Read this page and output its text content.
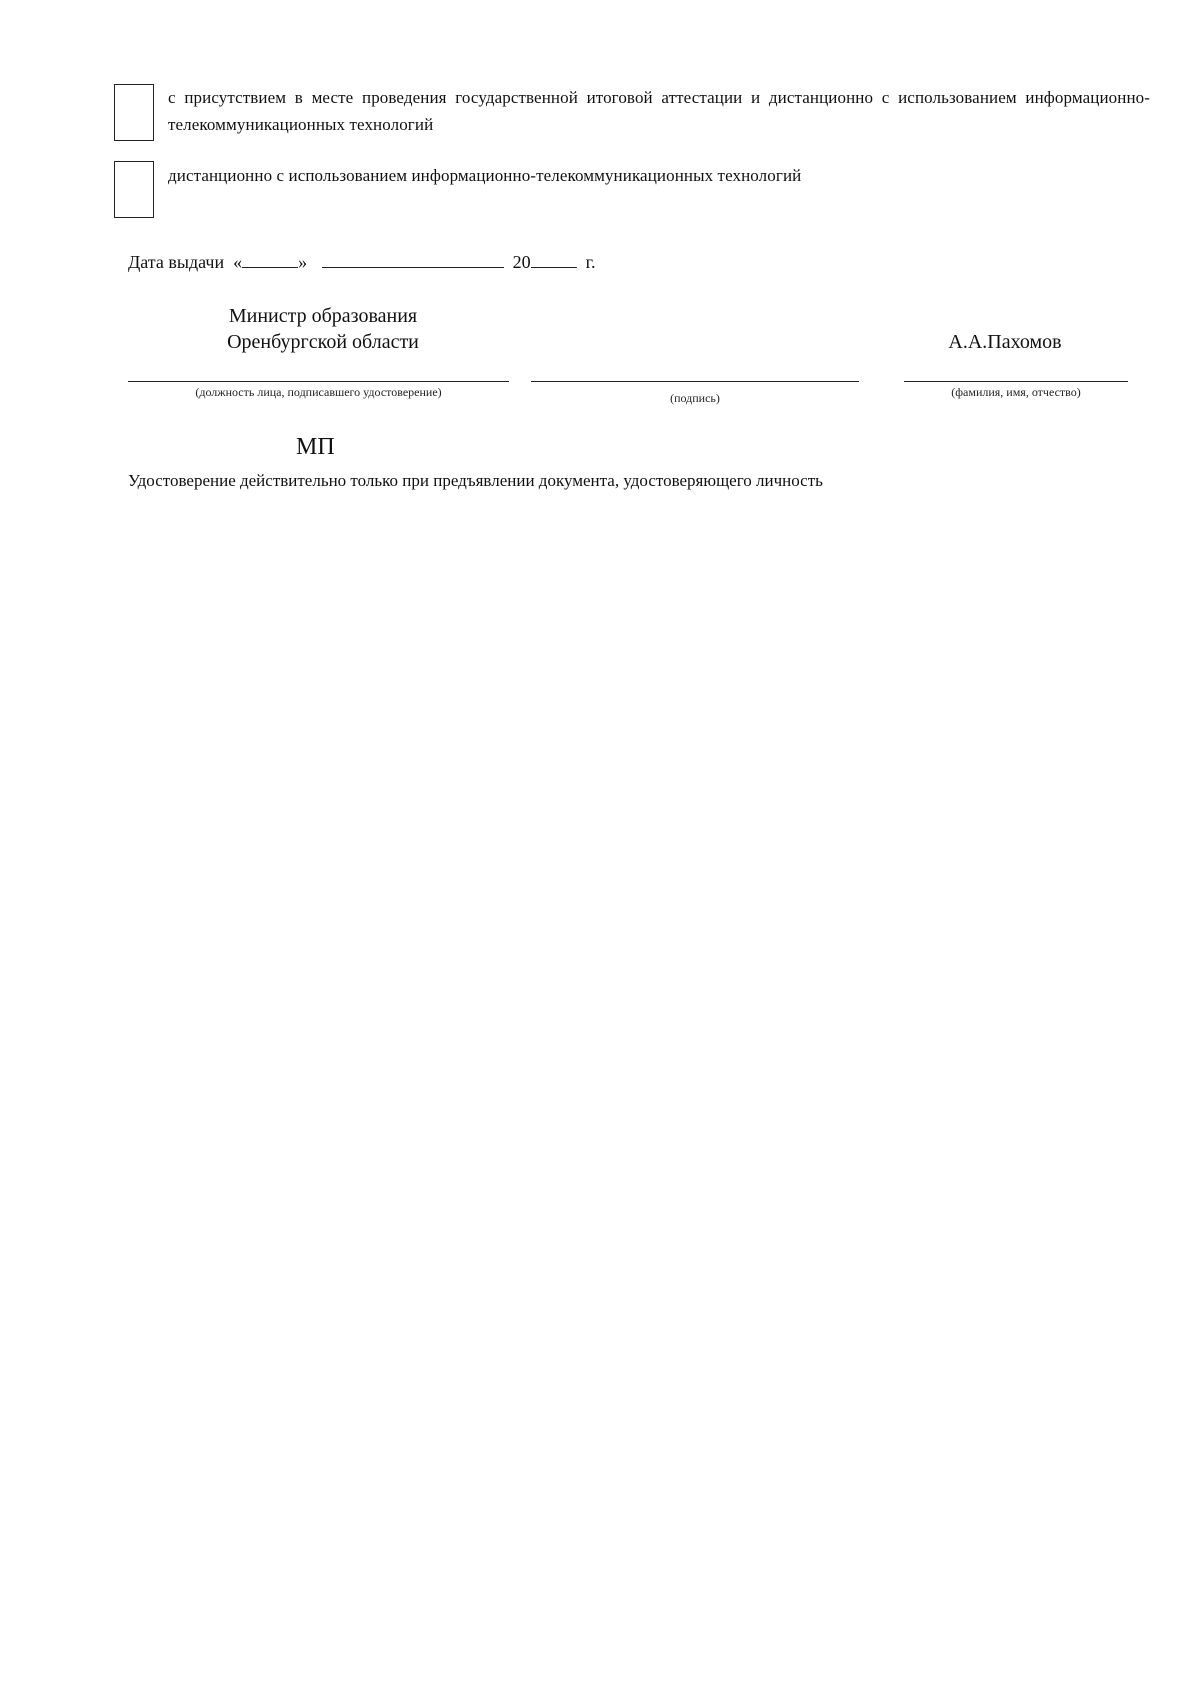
с присутствием в месте проведения государственной итоговой аттестации и дистанционно с использованием информационно-телекоммуникационных технологий
дистанционно с использованием информационно-телекоммуникационных технологий
Дата выдачи «	»	20	г.
Министр образования
Оренбургской области	А.А.Пахомов
(должность лица, подписавшего удостоверение)	(подпись)	(фамилия, имя, отчество)
МП
Удостоверение действительно только при предъявлении документа, удостоверяющего личность
